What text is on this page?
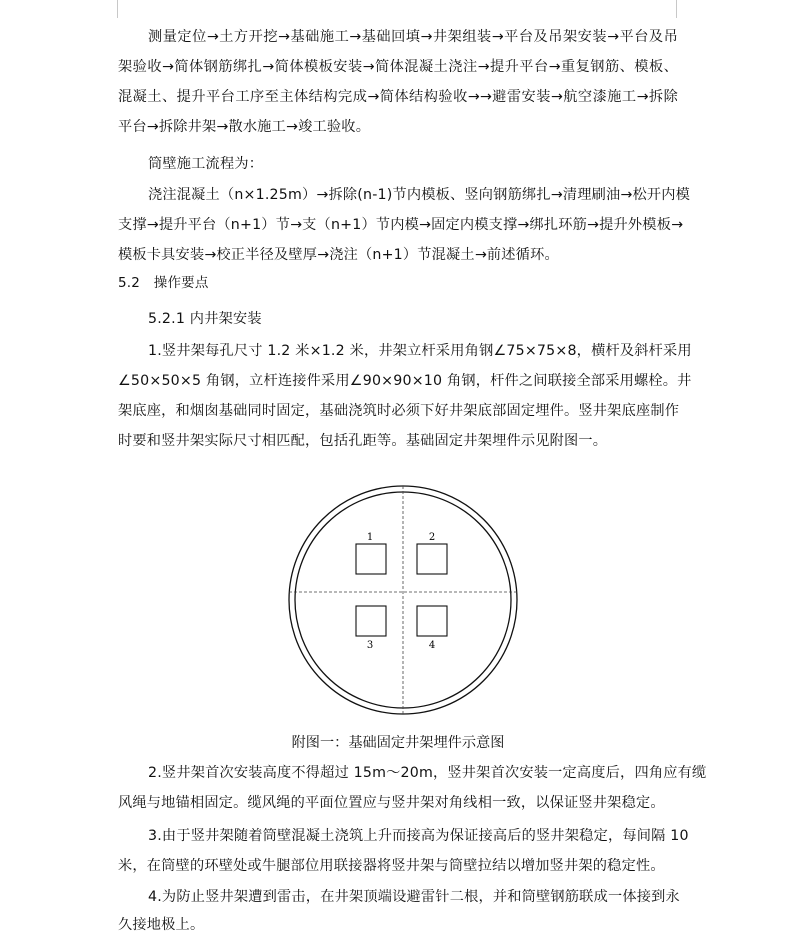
测量定位→土方开挖→基础施工→基础回填→井架组装→平台及吊架安装→平台及吊
架验收→简体钢筋绑扎→简体模板安装→简体混凝土浇注→提升平台→重复钢筋、模板、
混凝土、提升平台工序至主体结构完成→简体结构验收→→避雷安装→航空漆施工→拆除
平台→拆除井架→散水施工→竣工验收。
筒壁施工流程为：
浇注混凝土（n×1.25m）→拆除(n-1)节内模板、竖向钢筋绑扎→清理刷油→松开内模
支撑→提升平台（n+1）节→支（n+1）节内模→固定内模支撑→绑扎环筋→提升外模板→
模板卡具安装→校正半径及壁厚→浇注（n+1）节混凝土→前述循环。
5.2　操作要点
5.2.1 内井架安装
1.竖井架每孔尺寸 1.2 米×1.2 米，井架立杆采用角钢∠75×75×8，横杆及斜杆采用
∠50×50×5 角钢，立杆连接件采用∠90×90×10 角钢，杆件之间联接全部采用螺栓。井
架底座，和烟囱基础同时固定，基础浇筑时必须下好井架底部固定埋件。竖井架底座制作
时要和竖井架实际尺寸相匹配，包括孔距等。基础固定井架埋件示见附图一。
2.竖井架首次安装高度不得超过 15m～20m，竖井架首次安装一定高度后，四角应有缆
风绳与地锚相固定。缆风绳的平面位置应与竖井架对角线相一致，以保证竖井架稳定。
3.由于竖井架随着筒壁混凝土浇筑上升而接高为保证接高后的竖井架稳定，每间隔 10
米，在筒壁的环壁处或牛腿部位用联接器将竖井架与筒壁拉结以增加竖井架的稳定性。
4.为防止竖井架遭到雷击，在井架顶端设避雷针二根，并和筒壁钢筋联成一体接到永
久接地极上。
1	2
3	4
附图一：基础固定井架埋件示意图
